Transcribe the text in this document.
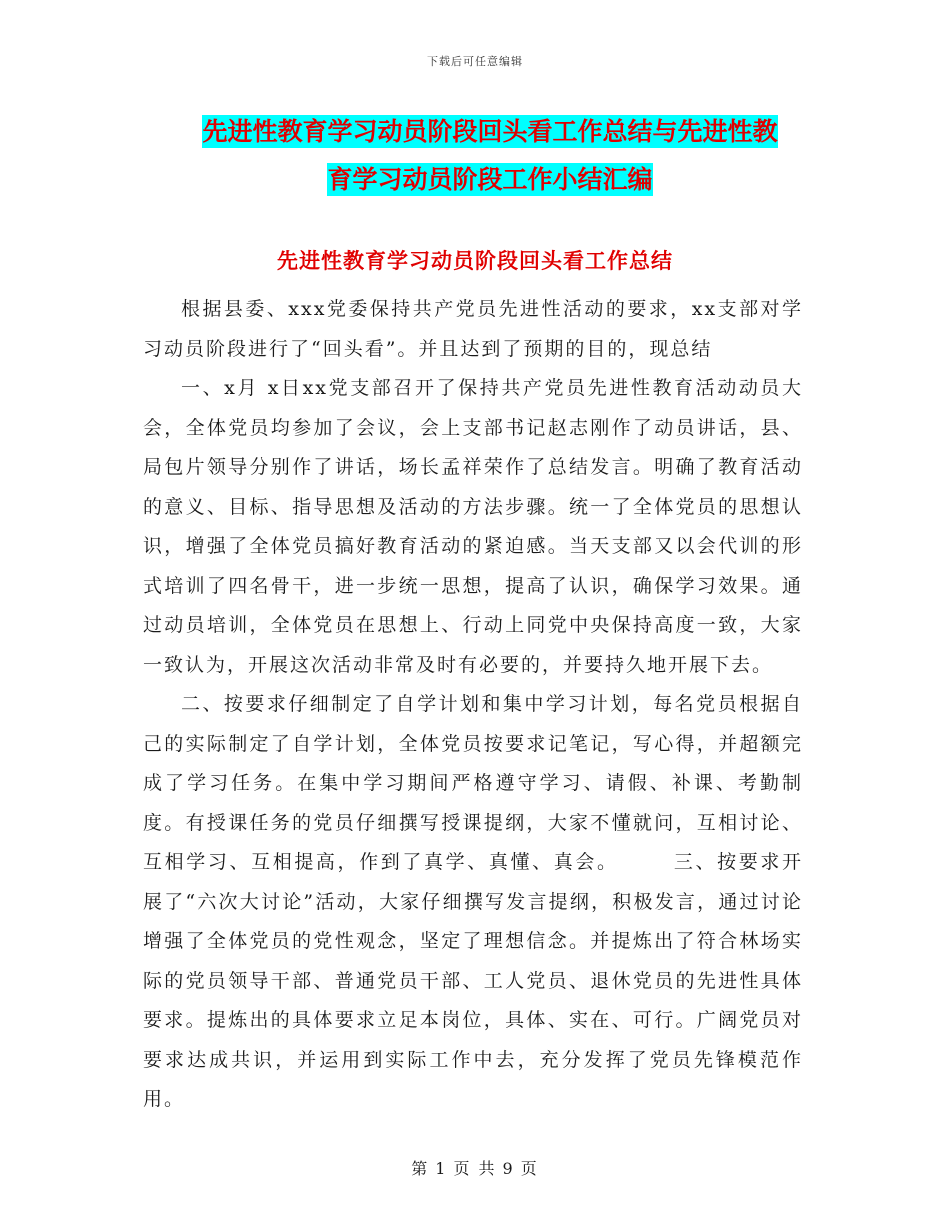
下载后可任意编辑
先进性教育学习动员阶段回头看工作总结与先进性教
育学习动员阶段工作小结汇编
先进性教育学习动员阶段回头看工作总结

根据县委、xxx党委保持共产党员先进性活动的要求，xx支部对学习动员阶段进行了“回头看”。并且达到了预期的目的，现总结

一、x月 x日xx党支部召开了保持共产党员先进性教育活动动员大会，全体党员均参加了会议，会上支部书记赵志刚作了动员讲话，县、局包片领导分别作了讲话，场长孟祥荣作了总结发言。明确了教育活动的意义、目标、指导思想及活动的方法步骤。统一了全体党员的思想认识，增强了全体党员搞好教育活动的紧迫感。当天支部又以会代训的形式培训了四名骨干，进一步统一思想，提高了认识，确保学习效果。通过动员培训，全体党员在思想上、行动上同党中央保持高度一致，大家一致认为，开展这次活动非常及时有必要的，并要持久地开展下去。

二、按要求仔细制定了自学计划和集中学习计划，每名党员根据自己的实际制定了自学计划，全体党员按要求记笔记，写心得，并超额完成了学习任务。在集中学习期间严格遵守学习、请假、补课、考勤制度。有授课任务的党员仔细撰写授课提纲，大家不懂就问，互相讨论、互相学习、互相提高，作到了真学、真懂、真会。　　　三、按要求开展了“六次大讨论”活动，大家仔细撰写发言提纲，积极发言，通过讨论增强了全体党员的党性观念，坚定了理想信念。并提炼出了符合林场实际的党员领导干部、普通党员干部、工人党员、退休党员的先进性具体要求。提炼出的具体要求立足本岗位，具体、实在、可行。广阔党员对要求达成共识，并运用到实际工作中去，充分发挥了党员先锋模范作用。

第 1 页 共 9 页
